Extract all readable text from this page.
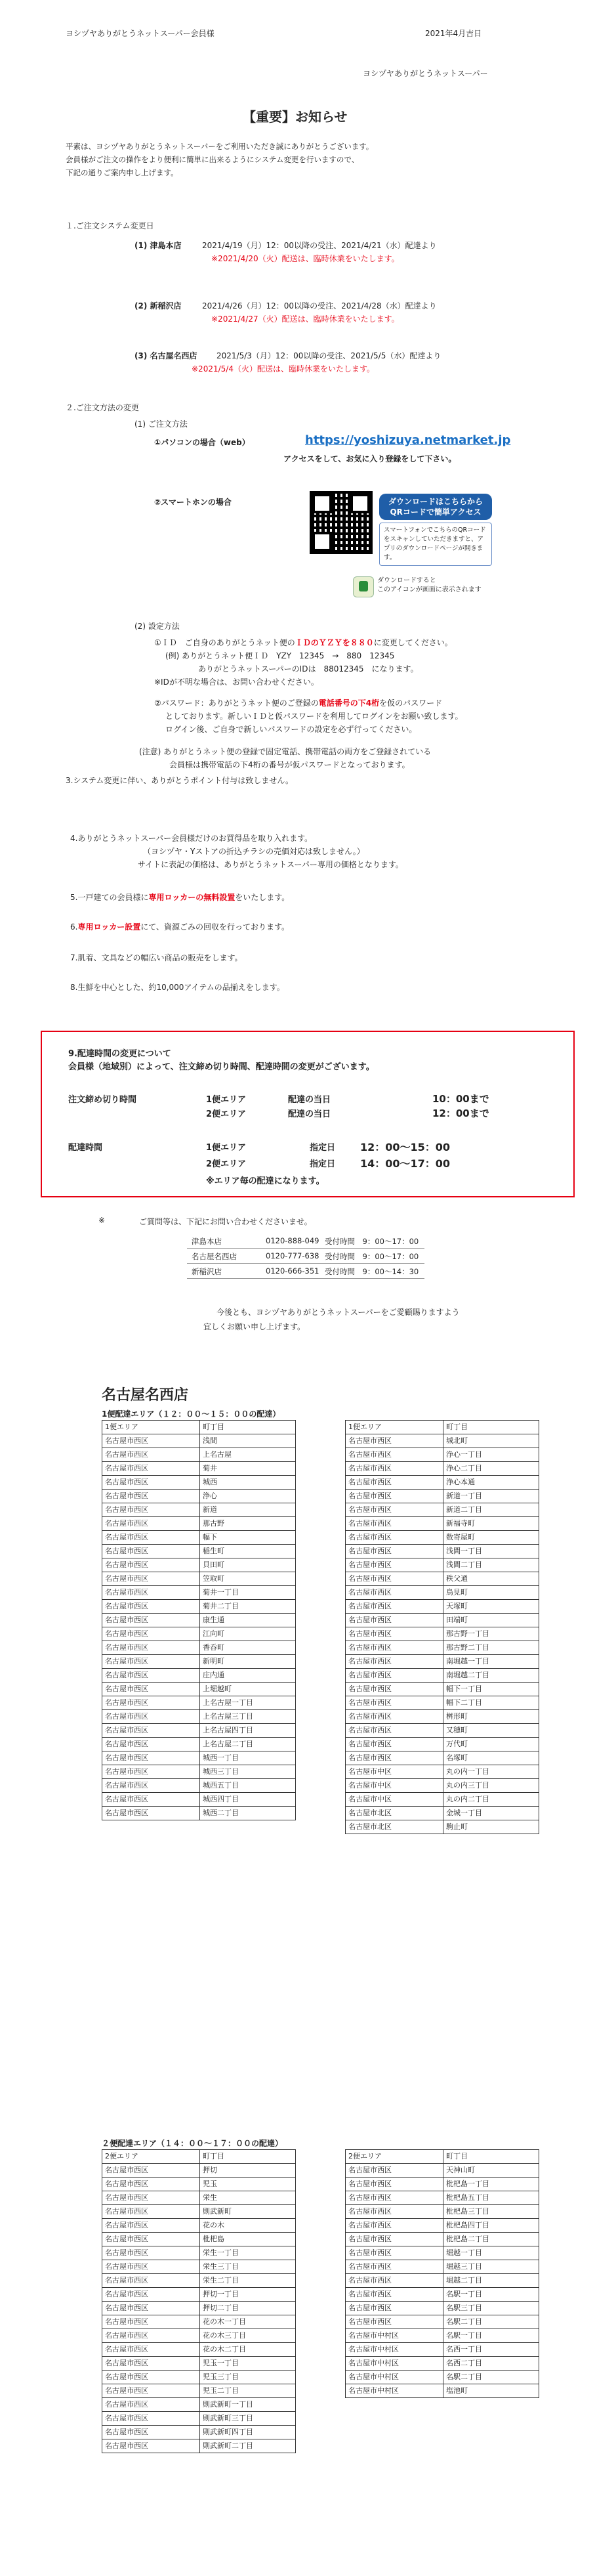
ヨシヅヤありがとうネットスーパー会員様	2021年4月吉日
ヨシヅヤありがとうネットスーパー
【重要】お知らせ
平素は、ヨシヅヤありがとうネットスーパーをご利用いただき誠にありがとうございます。
会員様がご注文の操作をより便利に簡単に出来るようにシステム変更を行いますので、
下記の通りご案内申し上げます。
１.ご注文システム変更日
(1) 津島本店	2021/4/19（月）12：00以降の受注、2021/4/21（水）配達より
※2021/4/20（火）配送は、臨時休業をいたします。
(2) 新稲沢店	2021/4/26（月）12：00以降の受注、2021/4/28（水）配達より
※2021/4/27（火）配送は、臨時休業をいたします。
(3) 名古屋名西店 2021/5/3（月）12：00以降の受注、2021/5/5（水）配達より
※2021/5/4（火）配送は、臨時休業をいたします。
２.ご注文方法の変更
(1) ご注文方法
①パソコンの場合（web）	https://yoshizuya.netmarket.jp
アクセスをして、お気に入り登録をして下さい。
②スマートホンの場合	ダウンロードはこちらから
QRコードで簡単アクセス
スマートフォンでこちらのQRコードをスキャンしていただきますと、アプリのダウンロードページが開きます。
ダウンロードすると
このアイコンが画面に表示されます
(2) 設定方法
①ＩＤ　ご自身のありがとうネット便のＩＤのＹＺＹを８８０に変更してください。
(例) ありがとうネット便ＩＤ　YZY　12345　→　880　12345
ありがとうネットスーパーのIDは　88012345　になります。
※IDが不明な場合は、お問い合わせください。
②パスワード：ありがとうネット便のご登録の電話番号の下4桁を仮のパスワード
としております。新しいＩＤと仮パスワードを利用してログインをお願い致します。
ログイン後、ご自身で新しいパスワードの設定を必ず行ってください。
(注意) ありがとうネット便の登録で固定電話、携帯電話の両方をご登録されている
会員様は携帯電話の下4桁の番号が仮パスワードとなっております。
3.システム変更に伴い、ありがとうポイント付与は致しません。
4.ありがとうネットスーパー会員様だけのお買得品を取り入れます。
（ヨシヅヤ・Yストアの折込チラシの売価対応は致しません。）
サイトに表記の価格は、ありがとうネットスーパー専用の価格となります。
5.一戸建ての会員様に専用ロッカーの無料設置をいたします。
6.専用ロッカー設置にて、資源ごみの回収を行っております。
7.肌着、文具などの幅広い商品の販売をします。
8.生鮮を中心とした、約10,000アイテムの品揃えをします。
9.配達時間の変更について
会員様（地域別）によって、注文締め切り時間、配達時間の変更がございます。
注文締め切り時間	1便エリア	配達の当日	10：00まで
2便エリア	配達の当日	12：00まで
配達時間	1便エリア	指定日 12：00～15：00
2便エリア	指定日 14：00～17：00
※エリア毎の配達になります。
※	ご質問等は、下記にお問い合わせくださいませ。
津島本店	0120-888-049 受付時間　9：00～17：00
名古屋名西店	0120-777-638 受付時間　9：00～17：00
新稲沢店	0120-666-351 受付時間　9：00～14：30
今後とも、ヨシヅヤありがとうネットスーパーをご愛顧賜りますよう
宜しくお願い申し上げます。
名古屋名西店
1便配達エリア（１２：００～１５：００の配達）
1便エリア	町丁目
名古屋市西区	浅間
名古屋市西区	上名古屋
名古屋市西区	菊井
名古屋市西区	城西
名古屋市西区	浄心
名古屋市西区	新道
名古屋市西区	那古野
名古屋市西区	幅下
名古屋市西区	稲生町
名古屋市西区	貝田町
名古屋市西区	笠取町
名古屋市西区	菊井一丁目
名古屋市西区	菊井二丁目
名古屋市西区	康生通
名古屋市西区	江向町
名古屋市西区	香呑町
名古屋市西区	新明町
名古屋市西区	庄内通
名古屋市西区	上堀越町
名古屋市西区	上名古屋一丁目
名古屋市西区	上名古屋三丁目
名古屋市西区	上名古屋四丁目
名古屋市西区	上名古屋二丁目
名古屋市西区	城西一丁目
名古屋市西区	城西三丁目
名古屋市西区	城西五丁目
名古屋市西区	城西四丁目
名古屋市西区	城西二丁目
1便エリア	町丁目
名古屋市西区	城北町
名古屋市西区	浄心一丁目
名古屋市西区	浄心二丁目
名古屋市西区	浄心本通
名古屋市西区	新道一丁目
名古屋市西区	新道二丁目
名古屋市西区	新福寺町
名古屋市西区	数寄屋町
名古屋市西区	浅間一丁目
名古屋市西区	浅間二丁目
名古屋市西区	秩父通
名古屋市西区	鳥見町
名古屋市西区	天塚町
名古屋市西区	田端町
名古屋市西区	那古野一丁目
名古屋市西区	那古野二丁目
名古屋市西区	南堀越一丁目
名古屋市西区	南堀越二丁目
名古屋市西区	幅下一丁目
名古屋市西区	幅下二丁目
名古屋市西区	桝形町
名古屋市西区	又穂町
名古屋市西区	万代町
名古屋市西区	名塚町
名古屋市中区	丸の内一丁目
名古屋市中区	丸の内三丁目
名古屋市中区	丸の内二丁目
名古屋市北区	金城一丁目
名古屋市北区	駒止町
２便配達エリア（１４：００～１７：００の配達）
2便エリア	町丁目
名古屋市西区	押切
名古屋市西区	児玉
名古屋市西区	栄生
名古屋市西区	則武新町
名古屋市西区	花の木
名古屋市西区	枇杷島
名古屋市西区	栄生一丁目
名古屋市西区	栄生三丁目
名古屋市西区	栄生二丁目
名古屋市西区	押切一丁目
名古屋市西区	押切二丁目
名古屋市西区	花の木一丁目
名古屋市西区	花の木三丁目
名古屋市西区	花の木二丁目
名古屋市西区	児玉一丁目
名古屋市西区	児玉三丁目
名古屋市西区	児玉二丁目
名古屋市西区	則武新町一丁目
名古屋市西区	則武新町三丁目
名古屋市西区	則武新町四丁目
名古屋市西区	則武新町二丁目
2便エリア	町丁目
名古屋市西区	天神山町
名古屋市西区	枇杷島一丁目
名古屋市西区	枇杷島五丁目
名古屋市西区	枇杷島三丁目
名古屋市西区	枇杷島四丁目
名古屋市西区	枇杷島二丁目
名古屋市西区	堀越一丁目
名古屋市西区	堀越三丁目
名古屋市西区	堀越二丁目
名古屋市西区	名駅一丁目
名古屋市西区	名駅三丁目
名古屋市西区	名駅二丁目
名古屋市中村区	名駅一丁目
名古屋市中村区	名西一丁目
名古屋市中村区	名西二丁目
名古屋市中村区	名駅二丁目
名古屋市中村区	塩池町
